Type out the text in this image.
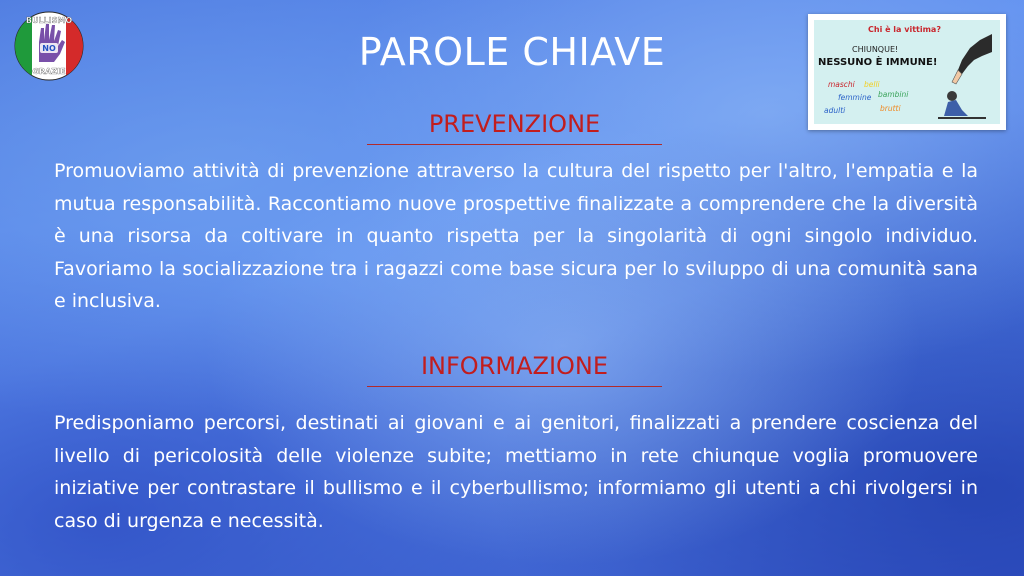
NO
BULLISMO
GRAZIE	PAROLE CHIAVE
PREVENZIONE

Promuoviamo attività di prevenzione attraverso la cultura del rispetto per l'altro, l'empatia e la mutua responsabilità. Raccontiamo nuove prospettive finalizzate a comprendere che la diversità è una risorsa da coltivare in quanto rispetta per la singolarità di ogni singolo individuo. Favoriamo la socializzazione tra i ragazzi come base sicura per lo sviluppo di una comunità sana e inclusiva.

INFORMAZIONE

Predisponiamo percorsi, destinati ai giovani e ai genitori, finalizzati a prendere coscienza del livello di pericolosità delle violenze subite; mettiamo in rete chiunque voglia promuovere iniziative per contrastare il bullismo e il cyberbullismo; informiamo gli utenti a chi rivolgersi in caso di urgenza e necessità.

Chi è la vittima?
CHIUNQUE!
NESSUNO È IMMUNE!
maschi belli
bambini
femmine
brutti
adulti
